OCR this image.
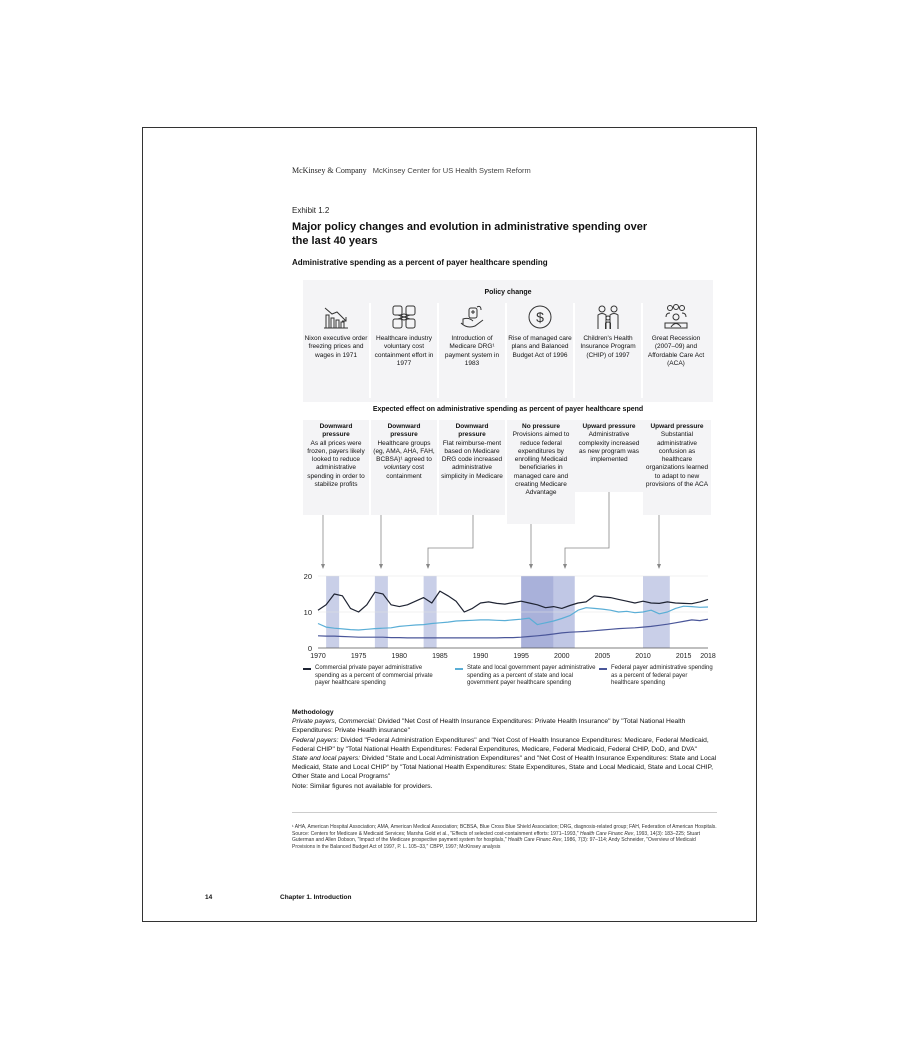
McKinsey & Company McKinsey Center for US Health System Reform
Exhibit 1.2
Major policy changes and evolution in administrative spending over the last 40 years
Administrative spending as a percent of payer healthcare spending
Policy change
Nixon executive order freezing prices and wages in 1971
Healthcare industry voluntary cost containment effort in 1977
Introduction of Medicare DRG¹ payment system in 1983
$
Rise of managed care plans and Balanced Budget Act of 1996
Children's Health Insurance Program (CHIP) of 1997
Great Recession (2007–09) and Affordable Care Act (ACA)
Expected effect on administrative spending as percent of payer healthcare spend
Downward pressure
As all prices were frozen, payers likely looked to reduce administrative spending in order to stabilize profits
Downward pressure
Healthcare groups (eg, AMA, AHA, FAH, BCBSA)¹ agreed to voluntary cost containment
Downward pressure
Flat reimburse-ment based on Medicare DRG code increased administrative simplicity in Medicare
No pressure
Provisions aimed to reduce federal expenditures by enrolling Medicaid beneficiaries in managed care and creating Medicare Advantage
Upward pressure
Administrative complexity increased as new program was implemented
Upward pressure
Substantial administrative confusion as healthcare organizations learned to adapt to new provisions of the ACA
0
10
20
1970	1975	1980	1985	1990	1995	2000	2005	2010	2015 2018
Commercial private payer administrative spending as a percent of commercial private payer healthcare spending
State and local government payer administrative spending as a percent of state and local government payer healthcare spending
Federal payer administrative spending as a percent of federal payer healthcare spending
Methodology
Private payers, Commercial: Divided "Net Cost of Health Insurance Expenditures: Private Health Insurance" by "Total National Health Expenditures: Private Health insurance"
Federal payers: Divided "Federal Administration Expenditures" and "Net Cost of Health Insurance Expenditures: Medicare, Federal Medicaid, Federal CHIP" by "Total National Health Expenditures: Federal Expenditures, Medicare, Federal Medicaid, Federal CHIP, DoD, and DVA"
State and local payers: Divided "State and Local Administration Expenditures" and "Net Cost of Health Insurance Expenditures: State and Local Medicaid, State and Local CHIP" by "Total National Health Expenditures: State Expenditures, State and Local Medicaid, State and Local CHIP, Other State and Local Programs"
Note: Similar figures not available for providers.
¹ AHA, American Hospital Association; AMA, American Medical Association; BCBSA, Blue Cross Blue Shield Association; DRG, diagnosis-related group; FAH, Federation of American Hospitals.
Source: Centers for Medicare & Medicaid Services; Marsha Gold et al., "Effects of selected cost-containment efforts: 1971–1993," Health Care Financ Rev, 1993, 14(3): 183–225; Stuart Guterman and Allen Dobson, "Impact of the Medicare prospective payment system for hospitals," Health Care Financ Rev, 1986, 7(3): 97–114; Andy Schneider, "Overview of Medicaid Provisions in the Balanced Budget Act of 1997, P. L. 105–33," CBPP, 1997; McKinsey analysis
14	Chapter 1. Introduction
